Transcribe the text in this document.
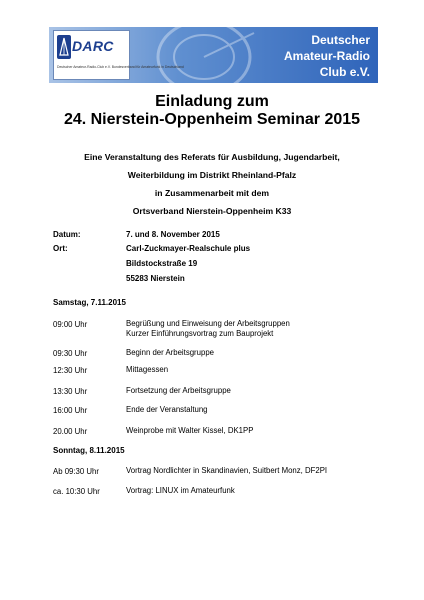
DARC
Deutscher Amateur-Radio-Club e.V. Bundesverband für Amateurfunk in Deutschland
Deutscher
Amateur-Radio
Club e.V.
Einladung zum
24. Nierstein-Oppenheim Seminar 2015
Eine Veranstaltung des Referats für Ausbildung, Jugendarbeit,
Weiterbildung im Distrikt Rheinland-Pfalz
in Zusammenarbeit mit dem
Ortsverband Nierstein-Oppenheim K33
Datum:	7. und 8. November 2015
Ort:	Carl-Zuckmayer-Realschule plus
Bildstockstraße 19
55283 Nierstein
Samstag, 7.11.2015
09:00 Uhr	Begrüßung und Einweisung der Arbeitsgruppen
Kurzer Einführungsvortrag zum Bauprojekt
09:30 Uhr	Beginn der Arbeitsgruppe
12:30 Uhr	Mittagessen
13:30 Uhr	Fortsetzung der Arbeitsgruppe
16:00 Uhr	Ende der Veranstaltung
20.00 Uhr	Weinprobe mit Walter Kissel, DK1PP
Sonntag, 8.11.2015
Ab 09:30 Uhr	Vortrag Nordlichter in Skandinavien, Suitbert Monz, DF2PI
ca. 10:30 Uhr	Vortrag: LINUX im Amateurfunk
